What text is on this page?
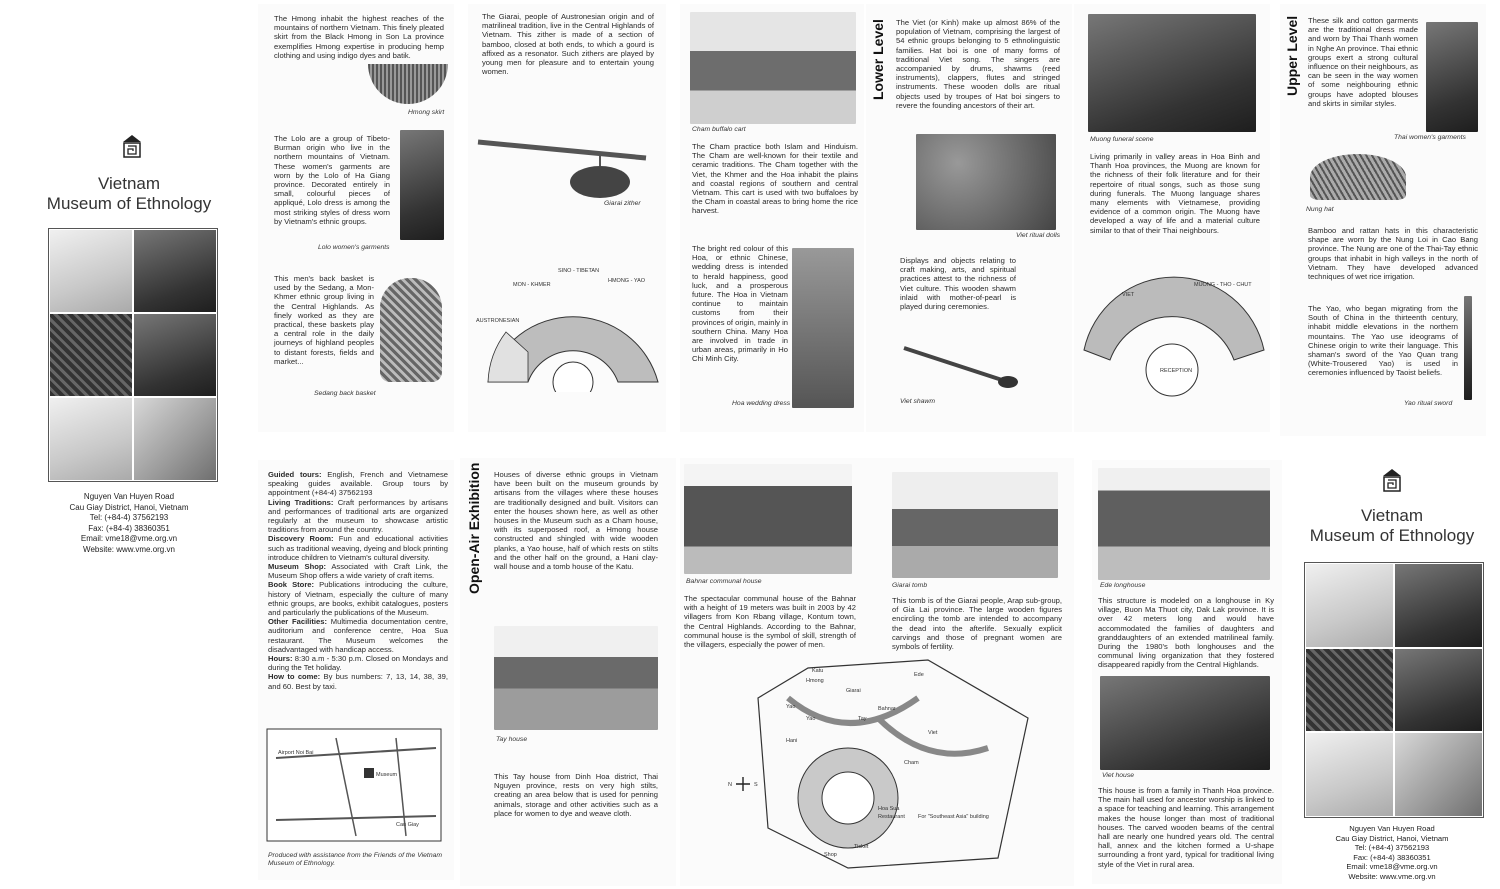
Vietnam
Museum of Ethnology
Nguyen Van Huyen Road
Cau Giay District, Hanoi, Vietnam
Tel: (+84-4) 37562193
Fax: (+84-4) 38360351
Email: vme18@vme.org.vn
Website: www.vme.org.vn
The Hmong inhabit the highest reaches of the mountains of northern Vietnam. This finely pleated skirt from the Black Hmong in Son La province exemplifies Hmong expertise in producing hemp clothing and using indigo dyes and batik.
Hmong skirt
The Lolo are a group of Tibeto-Burman origin who live in the northern mountains of Vietnam. These women's garments are worn by the Lolo of Ha Giang province. Decorated entirely in small, colourful pieces of appliqué, Lolo dress is among the most striking styles of dress worn by Vietnam's ethnic groups.
Lolo women's garments
This men's back basket is used by the Sedang, a Mon-Khmer ethnic group living in the Central Highlands. As finely worked as they are practical, these baskets play a central role in the daily journeys of highland peoples to distant forests, fields and market...
Sedang back basket
The Giarai, people of Austronesian origin and of matrilineal tradition, live in the Central Highlands of Vietnam. This zither is made of a section of bamboo, closed at both ends, to which a gourd is affixed as a resonator. Such zithers are played by young men for pleasure and to entertain young women.
Giarai zither
SINO - TIBETAN
HMONG - YAO
MON - KHMER
AUSTRONESIAN
Cham buffalo cart
The Cham practice both Islam and Hinduism. The Cham are well-known for their textile and ceramic traditions. The Cham together with the Viet, the Khmer and the Hoa inhabit the plains and coastal regions of southern and central Vietnam. This cart is used with two buffaloes by the Cham in coastal areas to bring home the rice harvest.
The bright red colour of this Hoa, or ethnic Chinese, wedding dress is intended to herald happiness, good luck, and a prosperous future. The Hoa in Vietnam continue to maintain customs from their provinces of origin, mainly in southern China. Many Hoa are involved in trade in urban areas, primarily in Ho Chi Minh City.
Hoa wedding dress
Lower Level The Viet (or Kinh) make up almost 86% of the population of Vietnam, comprising the largest of 54 ethnic groups belonging to 5 ethnolinguistic families. Hat boi is one of many forms of traditional Viet song. The singers are accompanied by drums, shawms (reed instruments), clappers, flutes and stringed instruments. These wooden dolls are ritual objects used by troupes of Hat boi singers to revere the founding ancestors of their art.
Viet ritual dolls
Displays and objects relating to craft making, arts, and spiritual practices attest to the richness of Viet culture. This wooden shawm inlaid with mother-of-pearl is played during ceremonies.
Viet shawm
Muong funeral scene
Living primarily in valley areas in Hoa Binh and Thanh Hoa provinces, the Muong are known for the richness of their folk literature and for their repertoire of ritual songs, such as those sung during funerals. The Muong language shares many elements with Vietnamese, providing evidence of a common origin. The Muong have developed a way of life and a material culture similar to that of their Thai neighbours.
RECEPTION
VIET
MUONG - THO - CHUT
Upper Level These silk and cotton garments are the traditional dress made and worn by Thai Thanh women in Nghe An province. Thai ethnic groups exert a strong cultural influence on their neighbours, as can be seen in the way women of some neighbouring ethnic groups have adopted blouses and skirts in similar styles.
Thai women's garments
Nung hat
Bamboo and rattan hats in this characteristic shape are worn by the Nung Loi in Cao Bang province. The Nung are one of the Thai-Tay ethnic groups that inhabit in high valleys in the north of Vietnam. They have developed advanced techniques of wet rice irrigation.
The Yao, who began migrating from the South of China in the thirteenth century, inhabit middle elevations in the northern mountains. The Yao use ideograms of Chinese origin to write their language. This shaman's sword of the Yao Quan trang (White-Trousered Yao) is used in ceremonies influenced by Taoist beliefs.
Yao ritual sword

Guided tours: English, French and Vietnamese speaking guides available. Group tours by appointment (+84-4) 37562193

Living Traditions: Craft performances by artisans and performances of traditional arts are organized regularly at the museum to showcase artistic traditions from around the country.

Discovery Room: Fun and educational activities such as traditional weaving, dyeing and block printing introduce children to Vietnam's cultural diversity.

Museum Shop: Associated with Craft Link, the Museum Shop offers a wide variety of craft items.

Book Store: Publications introducing the culture, history of Vietnam, especially the culture of many ethnic groups, are books, exhibit catalogues, posters and particularly the publications of the Museum.

Other Facilities: Multimedia documentation centre, auditorium and conference centre, Hoa Sua restaurant. The Museum welcomes the disadvantaged with handicap access.

Hours: 8:30 a.m - 5:30 p.m. Closed on Mondays and during the Tet holiday.

How to come: By bus numbers: 7, 13, 14, 38, 39, and 60. Best by taxi.

Museum
Airport Noi Bai
Cau Giay
Produced with assistance from the Friends of the Vietnam Museum of Ethnology.
Open-Air Exhibition Houses of diverse ethnic groups in Vietnam have been built on the museum grounds by artisans from the villages where these houses are traditionally designed and built. Visitors can enter the houses shown here, as well as other houses in the Museum such as a Cham house, with its superposed roof, a Hmong house constructed and shingled with wide wooden planks, a Yao house, half of which rests on stilts and the other half on the ground, a Hani clay-wall house and a tomb house of the Katu.
Tay house
This Tay house from Dinh Hoa district, Thai Nguyen province, rests on very high stilts, creating an area below that is used for penning animals, storage and other activities such as a place for women to dye and weave cloth.
Bahnar communal house
The spectacular communal house of the Bahnar with a height of 19 meters was built in 2003 by 42 villagers from Kon Rbang village, Kontum town, the Central Highlands. According to the Bahnar, communal house is the symbol of skill, strength of the villagers, especially the power of men.
Giarai tomb
This tomb is of the Giarai people, Arap sub-group, of Gia Lai province. The large wooden figures encircling the tomb are intended to accompany the dead into the afterlife. Sexually explicit carvings and those of pregnant women are symbols of fertility.
Katu
Hmong
Giarai
Ede
Bahnar
Yao
Yao	Tay
Hani
Viet
Cham
Hoa Sua
Restaurant For "Southeast Asia" building
Shop
Ticket
N	S
Ede longhouse
This structure is modeled on a longhouse in Ky village, Buon Ma Thuot city, Dak Lak province. It is over 42 meters long and would have accommodated the families of daughters and granddaughters of an extended matrilineal family. During the 1980's both longhouses and the communal living organization that they fostered disappeared rapidly from the Central Highlands.
Viet house
This house is from a family in Thanh Hoa province. The main hall used for ancestor worship is linked to a space for teaching and learning. This arrangement makes the house longer than most of traditional houses. The carved wooden beams of the central hall are nearly one hundred years old. The central hall, annex and the kitchen formed a U-shape surrounding a front yard, typical for traditional living style of the Viet in rural area.
Vietnam
Museum of Ethnology
Nguyen Van Huyen Road
Cau Giay District, Hanoi, Vietnam
Tel: (+84-4) 37562193
Fax: (+84-4) 38360351
Email: vme18@vme.org.vn
Website: www.vme.org.vn
